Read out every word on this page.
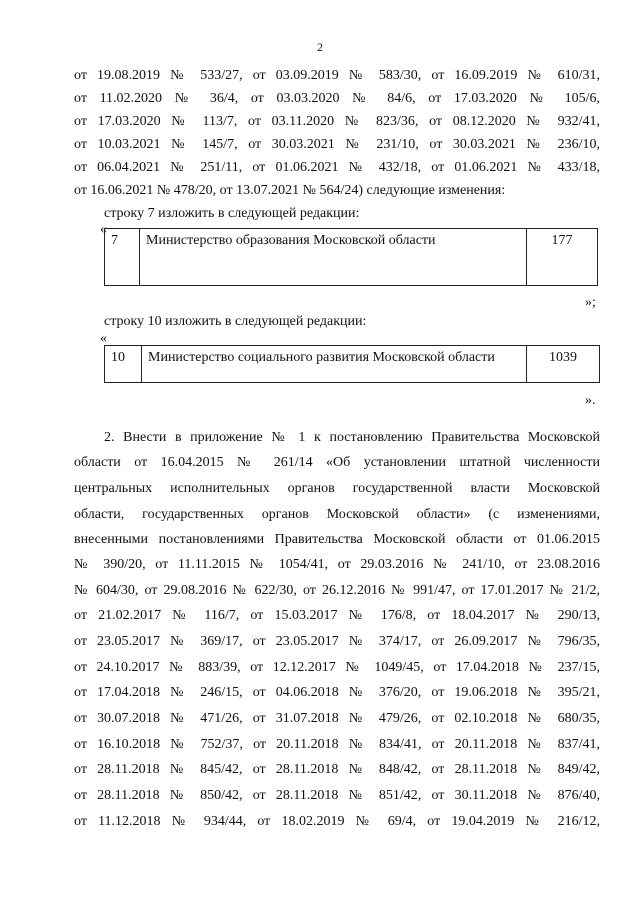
2
от 19.08.2019 № 533/27, от 03.09.2019 № 583/30, от 16.09.2019 № 610/31,
от 11.02.2020 № 36/4, от 03.03.2020 № 84/6, от 17.03.2020 № 105/6,
от 17.03.2020 № 113/7, от 03.11.2020 № 823/36, от 08.12.2020 № 932/41,
от 10.03.2021 № 145/7, от 30.03.2021 № 231/10, от 30.03.2021 № 236/10,
от 06.04.2021 № 251/11, от 01.06.2021 № 432/18, от 01.06.2021 № 433/18,
от 16.06.2021 № 478/20, от 13.07.2021 № 564/24) следующие изменения:
строку 7 изложить в следующей редакции:
«
7	Министерство образования Московской области	177
»;
строку 10 изложить в следующей редакции:
«
10	Министерство социального развития Московской области	1039
».
2. Внести в приложение № 1 к постановлению Правительства Московской
области от 16.04.2015 № 261/14 «Об установлении штатной численности
центральных исполнительных органов государственной власти Московской
области, государственных органов Московской области» (с изменениями,
внесенными постановлениями Правительства Московской области от 01.06.2015
№ 390/20, от 11.11.2015 № 1054/41, от 29.03.2016 № 241/10, от 23.08.2016
№ 604/30, от 29.08.2016 № 622/30, от 26.12.2016 № 991/47, от 17.01.2017 № 21/2,
от 21.02.2017 № 116/7, от 15.03.2017 № 176/8, от 18.04.2017 № 290/13,
от 23.05.2017 № 369/17, от 23.05.2017 № 374/17, от 26.09.2017 № 796/35,
от 24.10.2017 № 883/39, от 12.12.2017 № 1049/45, от 17.04.2018 № 237/15,
от 17.04.2018 № 246/15, от 04.06.2018 № 376/20, от 19.06.2018 № 395/21,
от 30.07.2018 № 471/26, от 31.07.2018 № 479/26, от 02.10.2018 № 680/35,
от 16.10.2018 № 752/37, от 20.11.2018 № 834/41, от 20.11.2018 № 837/41,
от 28.11.2018 № 845/42, от 28.11.2018 № 848/42, от 28.11.2018 № 849/42,
от 28.11.2018 № 850/42, от 28.11.2018 № 851/42, от 30.11.2018 № 876/40,
от 11.12.2018 № 934/44, от 18.02.2019 № 69/4, от 19.04.2019 № 216/12,
